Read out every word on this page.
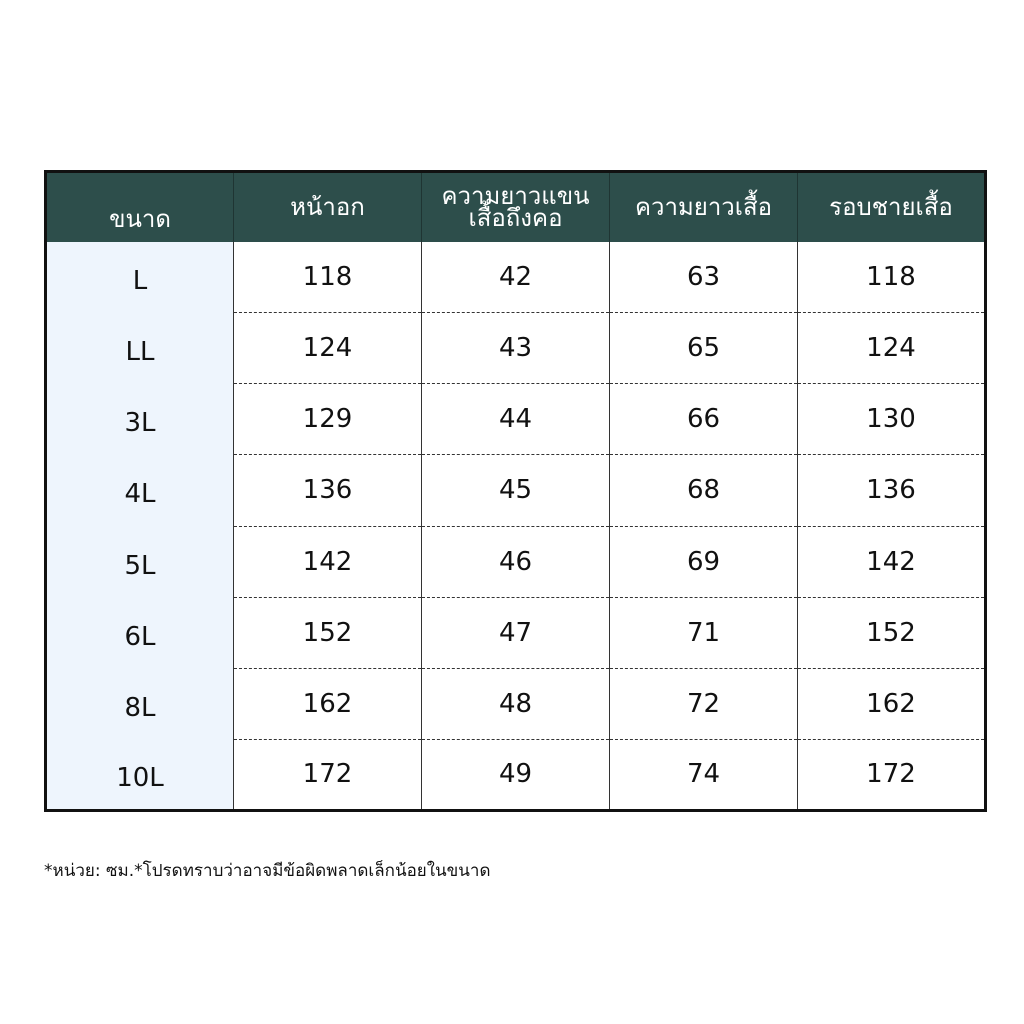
ขนาด	หน้าอก	ความยาวแขนเสื้อถึงคอ	ความยาวเสื้อ	รอบชายเสื้อ
L	118	42	63	118
LL	124	43	65	124
3L	129	44	66	130
4L	136	45	68	136
5L	142	46	69	142
6L	152	47	71	152
8L	162	48	72	162
10L	172	49	74	172
*หน่วย: ซม.*โปรดทราบว่าอาจมีข้อผิดพลาดเล็กน้อยในขนาด
